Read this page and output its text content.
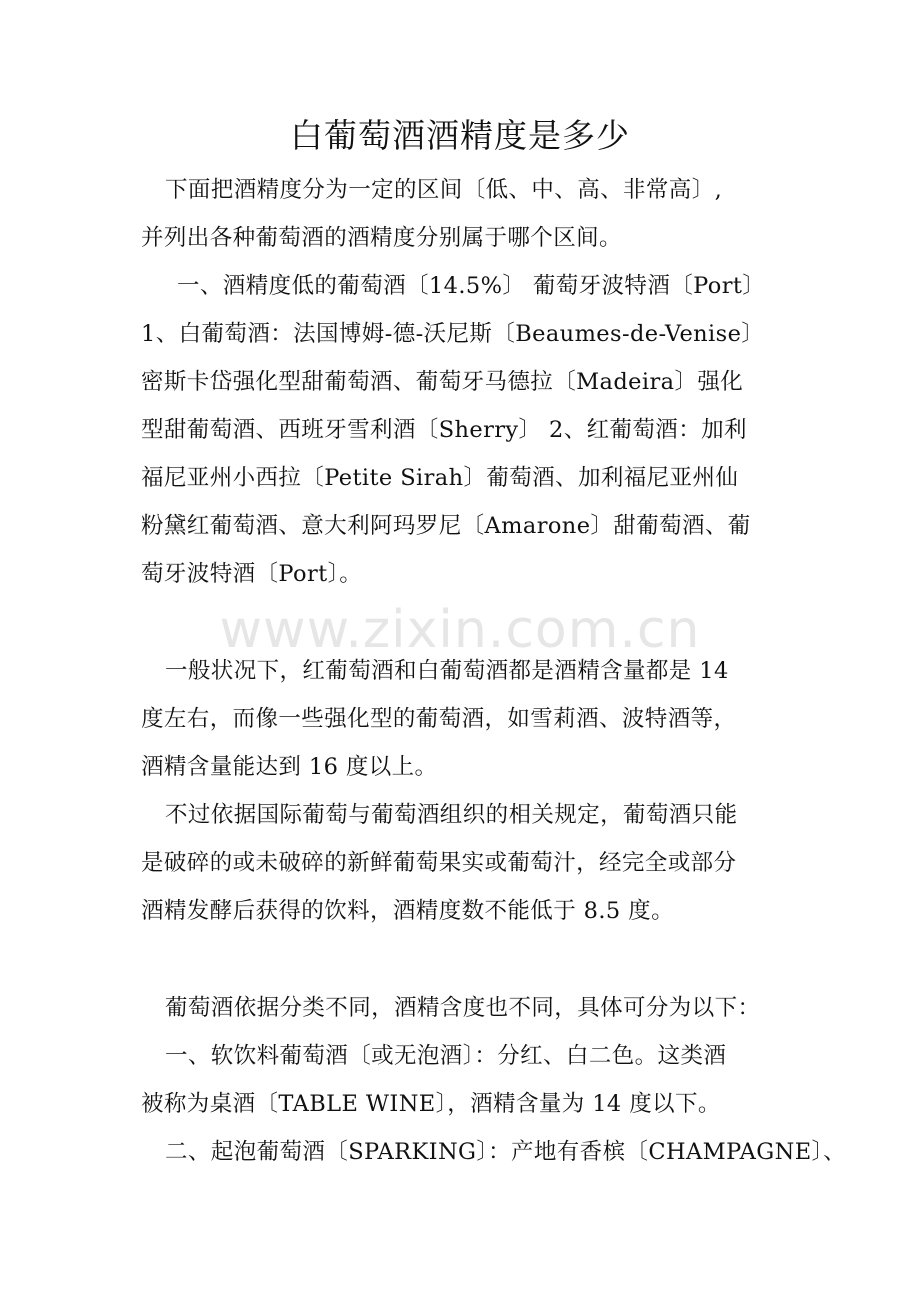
白葡萄酒酒精度是多少
www.zixin.com.cn

下面把酒精度分为一定的区间〔低、中、高、非常高〕,

并列出各种葡萄酒的酒精度分别属于哪个区间。

一、酒精度低的葡萄酒〔14.5%〕 葡萄牙波特酒〔Port〕

1、白葡萄酒：法国博姆-德-沃尼斯〔Beaumes‑de-Venise〕

密斯卡岱强化型甜葡萄酒、葡萄牙马德拉〔Madeira〕强化

型甜葡萄酒、西班牙雪利酒〔Sherry〕 2、红葡萄酒：加利

福尼亚州小西拉〔Petite Sirah〕葡萄酒、加利福尼亚州仙

粉黛红葡萄酒、意大利阿玛罗尼〔Amarone〕甜葡萄酒、葡

萄牙波特酒〔Port〕。

一般状况下，红葡萄酒和白葡萄酒都是酒精含量都是 14

度左右，而像一些强化型的葡萄酒，如雪莉酒、波特酒等，

酒精含量能达到 16 度以上。

不过依据国际葡萄与葡萄酒组织的相关规定，葡萄酒只能

是破碎的或未破碎的新鲜葡萄果实或葡萄汁，经完全或部分

酒精发酵后获得的饮料，酒精度数不能低于 8.5 度。

葡萄酒依据分类不同，酒精含度也不同，具体可分为以下：

一、软饮料葡萄酒〔或无泡酒〕：分红、白二色。这类酒

被称为桌酒〔TABLE WINE〕，酒精含量为 14 度以下。

二、起泡葡萄酒〔SPARKING〕：产地有香槟〔CHAMPAGNE〕、
